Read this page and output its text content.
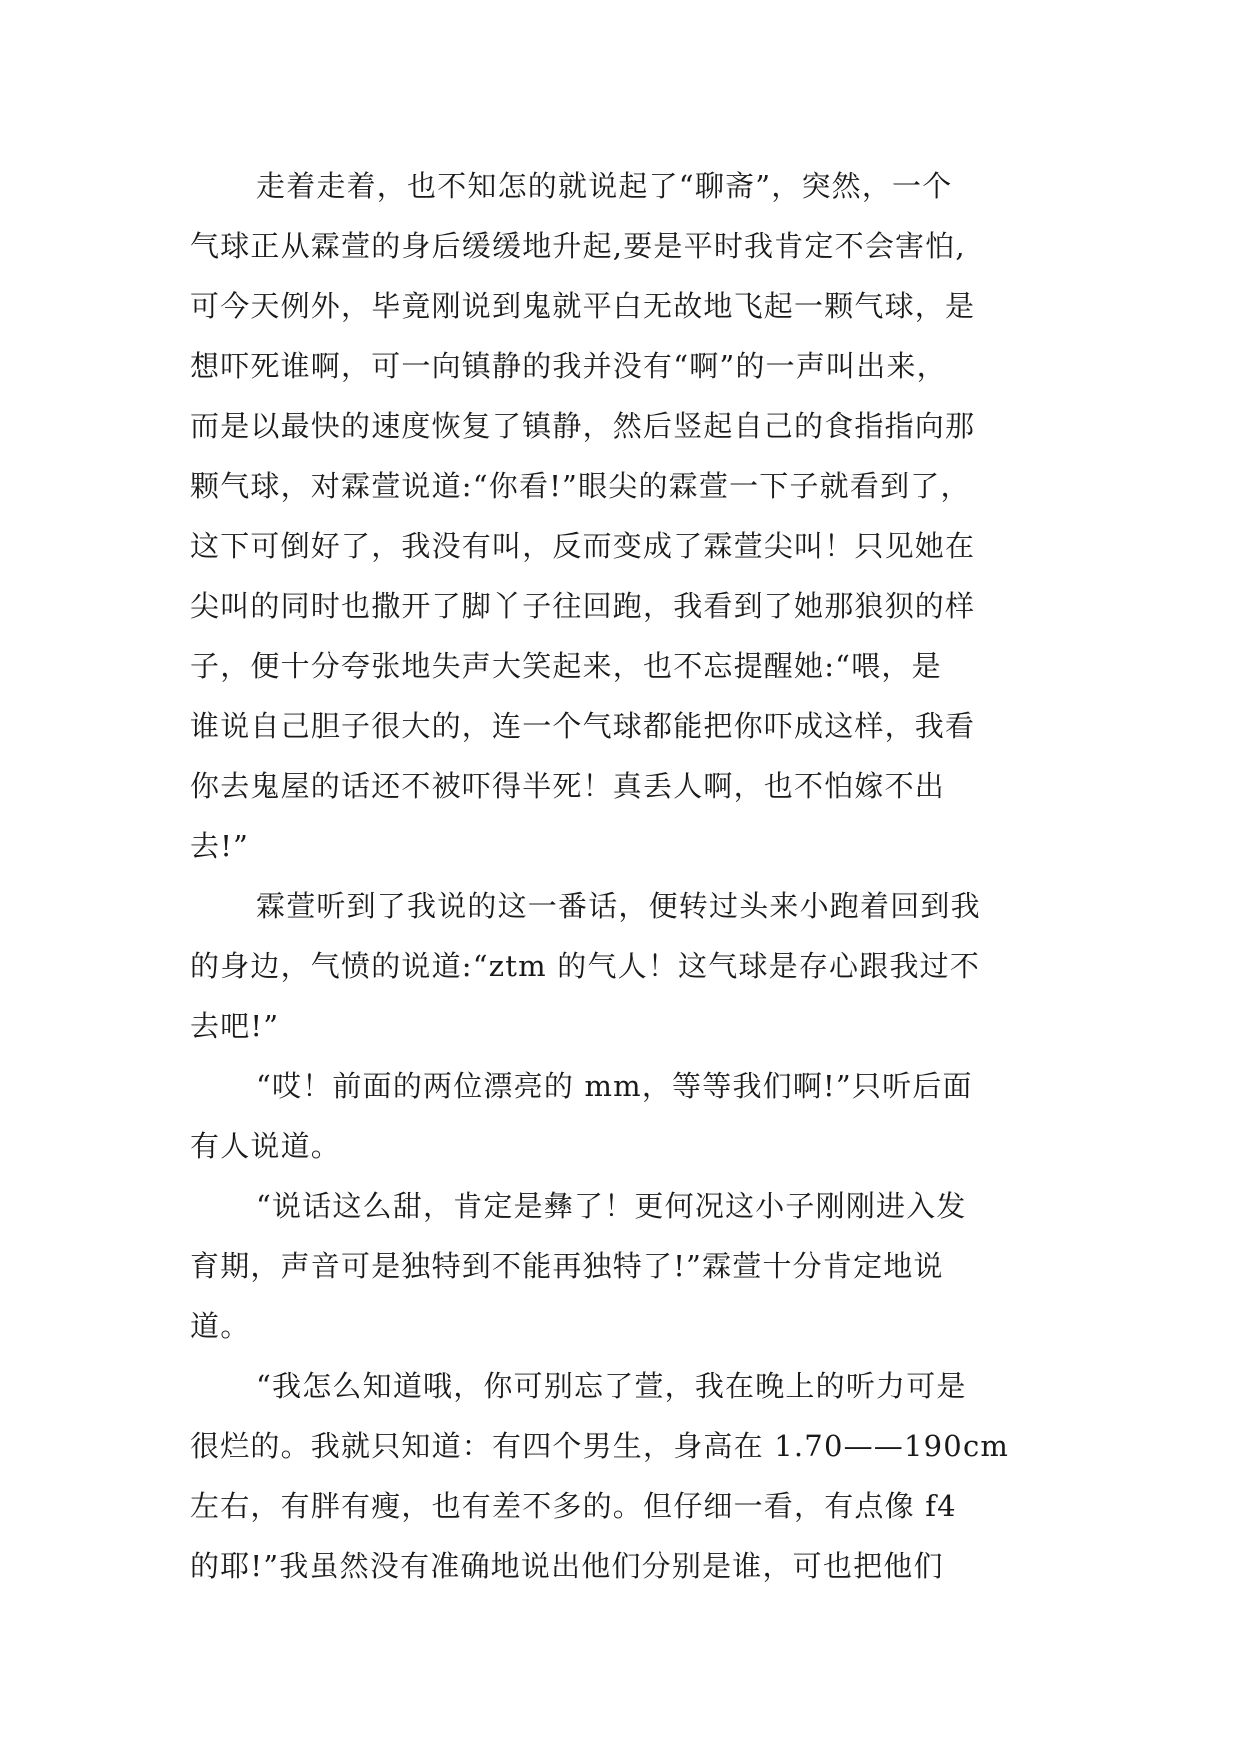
走着走着，也不知怎的就说起了“聊斋”，突然，一个
气球正从霖萱的身后缓缓地升起,要是平时我肯定不会害怕,
可今天例外，毕竟刚说到鬼就平白无故地飞起一颗气球，是
想吓死谁啊，可一向镇静的我并没有“啊”的一声叫出来，
而是以最快的速度恢复了镇静，然后竖起自己的食指指向那
颗气球，对霖萱说道:“你看!”眼尖的霖萱一下子就看到了，
这下可倒好了，我没有叫，反而变成了霖萱尖叫！只见她在
尖叫的同时也撒开了脚丫子往回跑，我看到了她那狼狈的样
子，便十分夸张地失声大笑起来，也不忘提醒她:“喂，是
谁说自己胆子很大的，连一个气球都能把你吓成这样，我看
你去鬼屋的话还不被吓得半死！真丢人啊，也不怕嫁不出
去!”
霖萱听到了我说的这一番话，便转过头来小跑着回到我
的身边，气愤的说道:“ztm 的气人！这气球是存心跟我过不
去吧!”
“哎！前面的两位漂亮的 mm，等等我们啊!”只听后面
有人说道。
“说话这么甜，肯定是彝了！更何况这小子刚刚进入发
育期，声音可是独特到不能再独特了!”霖萱十分肯定地说
道。
“我怎么知道哦，你可别忘了萱，我在晚上的听力可是
很烂的。我就只知道：有四个男生，身高在 1.70——190cm
左右，有胖有瘦，也有差不多的。但仔细一看，有点像 f4
的耶!”我虽然没有准确地说出他们分别是谁，可也把他们
